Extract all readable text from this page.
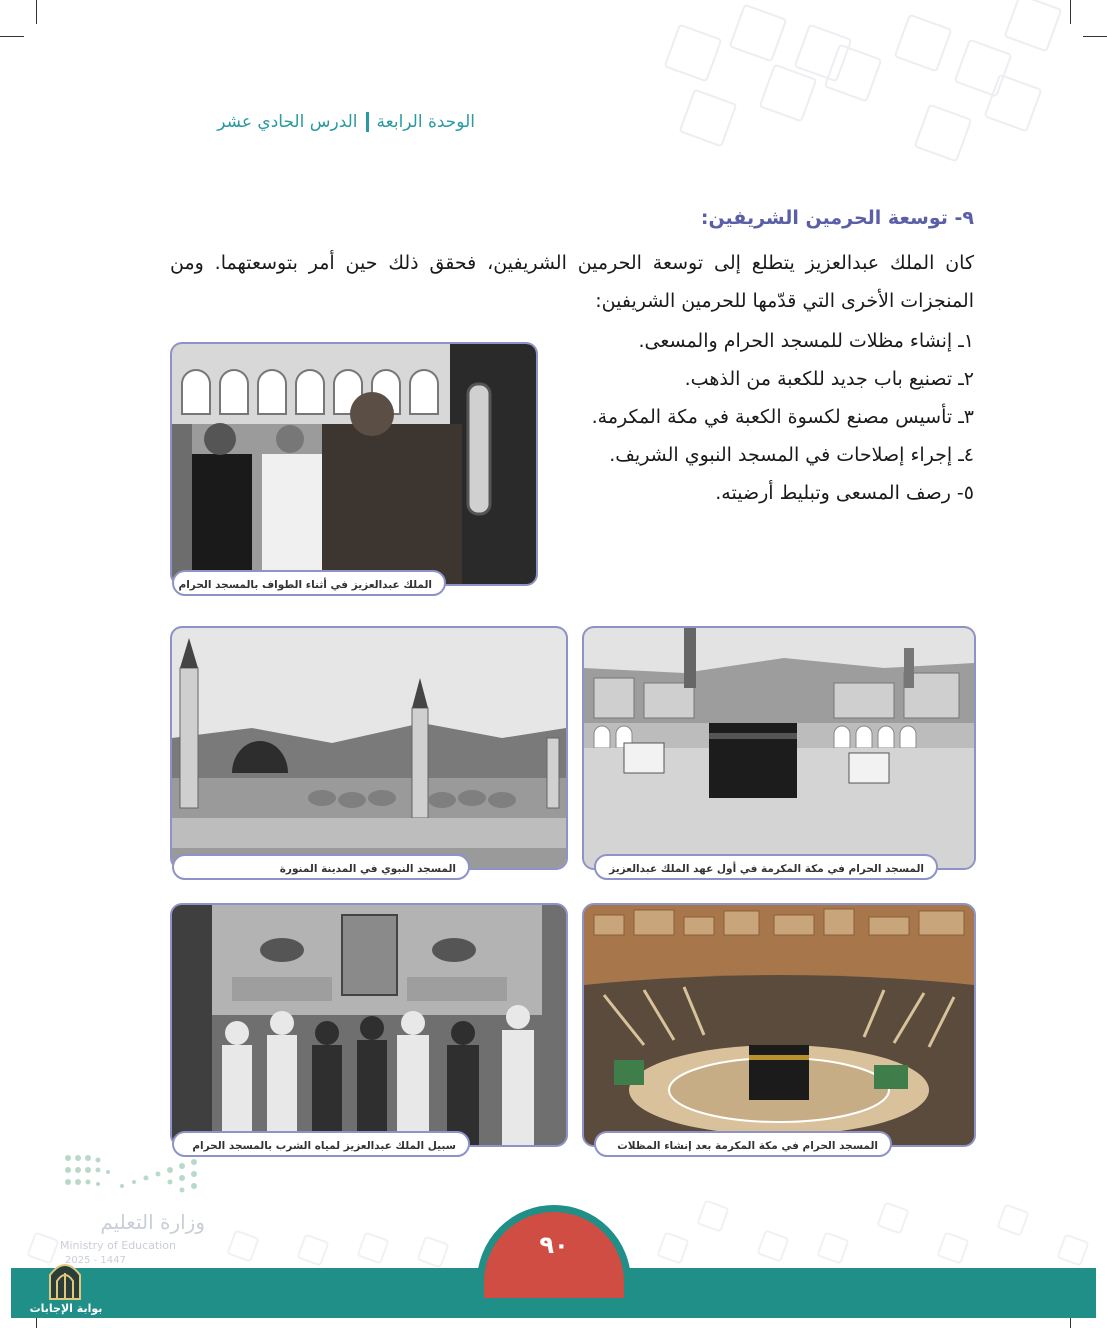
الوحدة الرابعةالدرس الحادي عشر
٩- توسعة الحرمين الشريفين:
كان الملك عبدالعزيز يتطلع إلى توسعة الحرمين الشريفين، فحقق ذلك حين أمر بتوسعتهما. ومن المنجزات الأخرى التي قدّمها للحرمين الشريفين:

١ـ إنشاء مظلات للمسجد الحرام والمسعى.

٢ـ تصنيع باب جديد للكعبة من الذهب.

٣ـ تأسيس مصنع لكسوة الكعبة في مكة المكرمة.

٤ـ إجراء إصلاحات في المسجد النبوي الشريف.

٥- رصف المسعى وتبليط أرضيته.

الملك عبدالعزيز في أثناء الطواف بالمسجد الحرام
المسجد النبوي في المدينة المنورة	المسجد الحرام في مكة المكرمة في أول عهد الملك عبدالعزيز
سبيل الملك عبدالعزيز لمياه الشرب بالمسجد الحرام	المسجد الحرام في مكة المكرمة بعد إنشاء المظلات
وزارة التعليم
Ministry of Education
2025 - 1447
٩٠
بوابة الإجابات
